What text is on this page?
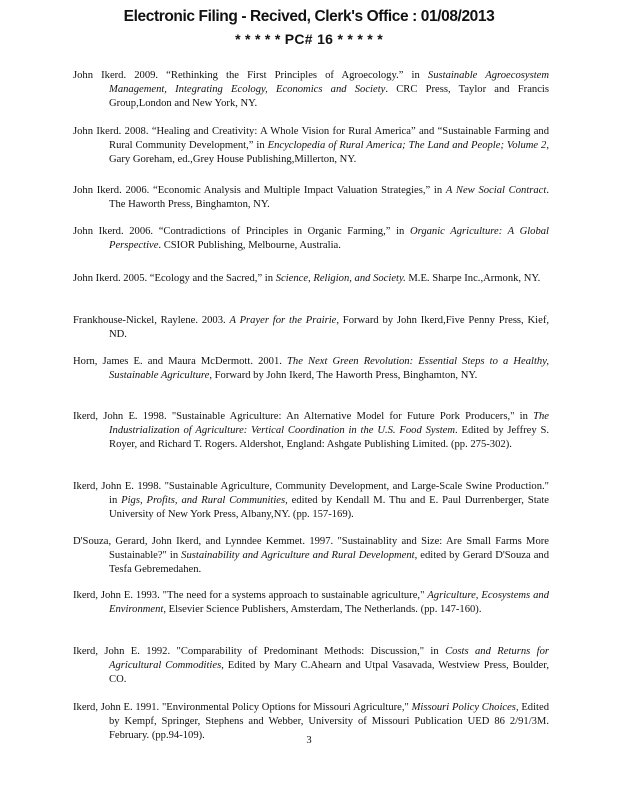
Electronic Filing - Recived, Clerk's Office : 01/08/2013
* * * * * PC# 16 * * * * *

John Ikerd. 2009. “Rethinking the First Principles of Agroecology.” in Sustainable Agroecosystem Management, Integrating Ecology, Economics and Society. CRC Press, Taylor and Francis Group,London and New York, NY.

John Ikerd. 2008. “Healing and Creativity: A Whole Vision for Rural America” and “Sustainable Farming and Rural Community Development,” in Encyclopedia of Rural America; The Land and People; Volume 2, Gary Goreham, ed.,Grey House Publishing,Millerton, NY.

John Ikerd. 2006. “Economic Analysis and Multiple Impact Valuation Strategies,” in A New Social Contract. The Haworth Press, Binghamton, NY.

John Ikerd. 2006. “Contradictions of Principles in Organic Farming,” in Organic Agriculture: A Global Perspective. CSIOR Publishing, Melbourne, Australia.

John Ikerd. 2005. “Ecology and the Sacred,” in Science, Religion, and Society. M.E. Sharpe Inc.,Armonk, NY.

Frankhouse-Nickel, Raylene. 2003. A Prayer for the Prairie, Forward by John Ikerd,Five Penny Press, Kief, ND.

Horn, James E. and Maura McDermott. 2001. The Next Green Revolution: Essential Steps to a Healthy, Sustainable Agriculture, Forward by John Ikerd, The Haworth Press, Binghamton, NY.

Ikerd, John E. 1998. "Sustainable Agriculture: An Alternative Model for Future Pork Producers," in The Industrialization of Agriculture: Vertical Coordination in the U.S. Food System. Edited by Jeffrey S. Royer, and Richard T. Rogers. Aldershot, England: Ashgate Publishing Limited. (pp. 275-302).

Ikerd, John E. 1998. "Sustainable Agriculture, Community Development, and Large-Scale Swine Production." in Pigs, Profits, and Rural Communities, edited by Kendall M. Thu and E. Paul Durrenberger, State University of New York Press, Albany,NY. (pp. 157-169).

D'Souza, Gerard, John Ikerd, and Lynndee Kemmet. 1997. "Sustainablity and Size: Are Small Farms More Sustainable?" in Sustainability and Agriculture and Rural Development, edited by Gerard D'Souza and Tesfa Gebremedahen.

Ikerd, John E. 1993. "The need for a systems approach to sustainable agriculture," Agriculture, Ecosystems and Environment, Elsevier Science Publishers, Amsterdam, The Netherlands. (pp. 147-160).

Ikerd, John E. 1992. "Comparability of Predominant Methods: Discussion," in Costs and Returns for Agricultural Commodities, Edited by Mary C.Ahearn and Utpal Vasavada, Westview Press, Boulder, CO.

Ikerd, John E. 1991. "Environmental Policy Options for Missouri Agriculture," Missouri Policy Choices, Edited by Kempf, Springer, Stephens and Webber, University of Missouri Publication UED 86 2/91/3M. February. (pp.94-109).	3
